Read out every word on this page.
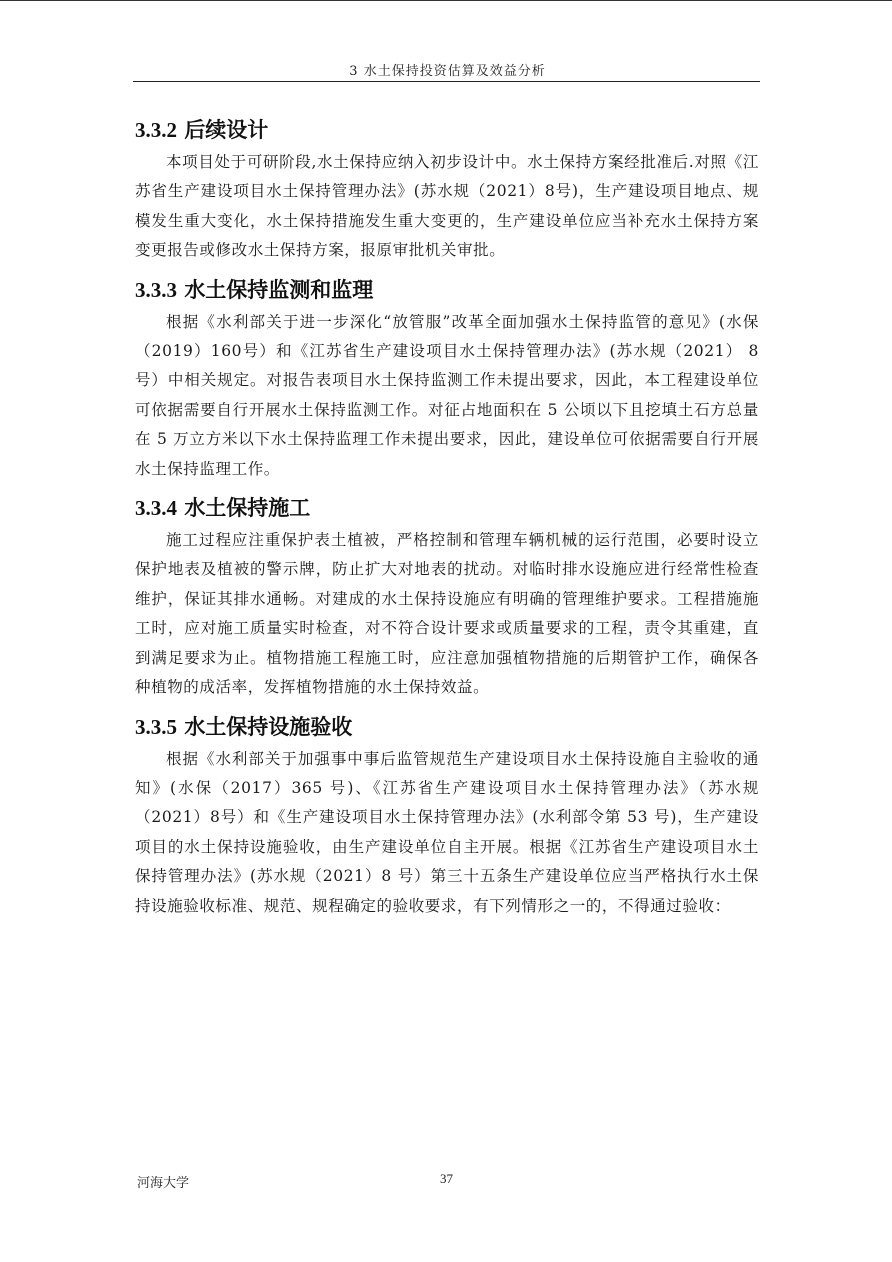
3 水土保持投资估算及效益分析
3.3.2 后续设计

本项目处于可研阶段,水土保持应纳入初步设计中。水土保持方案经批准后.对照《江苏省生产建设项目水土保持管理办法》(苏水规（2021）8号)，生产建设项目地点、规模发生重大变化，水土保持措施发生重大变更的，生产建设单位应当补充水土保持方案变更报告或修改水土保持方案，报原审批机关审批。

3.3.3 水土保持监测和监理

根据《水利部关于进一步深化“放管服”改革全面加强水土保持监管的意见》(水保（2019）160号）和《江苏省生产建设项目水土保持管理办法》(苏水规（2021） 8 号）中相关规定。对报告表项目水土保持监测工作未提出要求，因此，本工程建设单位可依据需要自行开展水土保持监测工作。对征占地面积在 5 公顷以下且挖填土石方总量在 5 万立方米以下水土保持监理工作未提出要求，因此，建设单位可依据需要自行开展水土保持监理工作。

3.3.4 水土保持施工

施工过程应注重保护表土植被，严格控制和管理车辆机械的运行范围，必要时设立保护地表及植被的警示牌，防止扩大对地表的扰动。对临时排水设施应进行经常性检查维护，保证其排水通畅。对建成的水土保持设施应有明确的管理维护要求。工程措施施工时，应对施工质量实时检查，对不符合设计要求或质量要求的工程，责令其重建，直到满足要求为止。植物措施工程施工时，应注意加强植物措施的后期管护工作，确保各种植物的成活率，发挥植物措施的水土保持效益。

3.3.5 水土保持设施验收

根据《水利部关于加强事中事后监管规范生产建设项目水土保持设施自主验收的通知》(水保（2017）365 号)、《江苏省生产建设项目水土保持管理办法》（苏水规（2021）8号）和《生产建设项目水土保持管理办法》(水利部令第 53 号)，生产建设项目的水土保持设施验收，由生产建设单位自主开展。根据《江苏省生产建设项目水土保持管理办法》(苏水规（2021）8 号）第三十五条生产建设单位应当严格执行水土保持设施验收标准、规范、规程确定的验收要求，有下列情形之一的，不得通过验收：

河海大学	37
